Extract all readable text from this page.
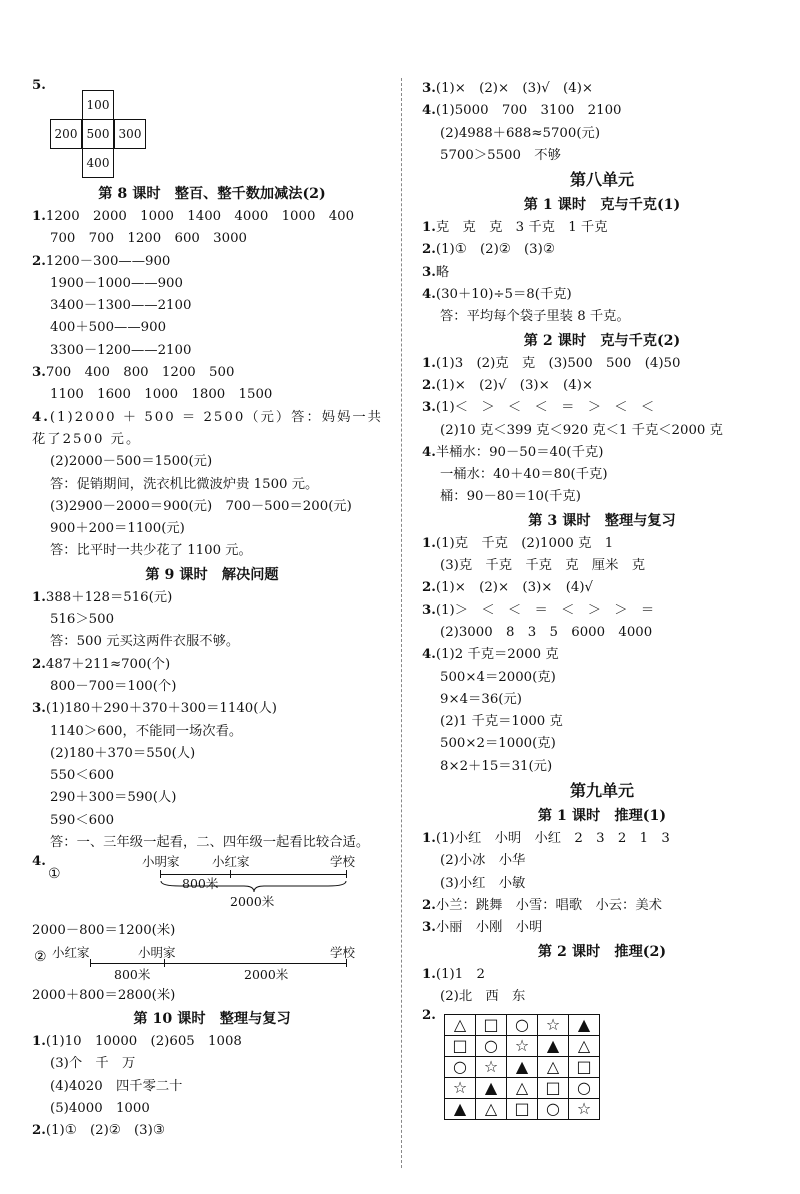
5.
100
200 500 300
400
第 8 课时　整百、整千数加减法(2)
1.1200　2000　1000　1400　4000　1000　400
700　700　1200　600　3000
2.1200－300——900
1900－1000——900
3400－1300——2100
400＋500——900
3300－1200——2100
3.700　400　800　1200　500
1100　1600　1000　1800　1500
4.(1)2000 ＋ 500 ＝ 2500（元）答：妈妈一共花了2500 元。
(2)2000－500＝1500(元)
答：促销期间，洗衣机比微波炉贵 1500 元。
(3)2900－2000＝900(元)　700－500＝200(元)
900＋200＝1100(元)
答：比平时一共少花了 1100 元。
第 9 课时　解决问题
1.388＋128＝516(元)
516＞500
答：500 元买这两件衣服不够。
2.487＋211≈700(个)
800－700＝100(个)
3.(1)180＋290＋370＋300＝1140(人)
1140＞600，不能同一场次看。
(2)180＋370＝550(人)
550＜600
290＋300＝590(人)
590＜600
答：一、三年级一起看，二、四年级一起看比较合适。
4.
①
小明家	小红家	学校
800米
2000米
2000－800＝1200(米)
② 小红家	小明家	学校
800米	2000米
2000＋800＝2800(米)
第 10 课时　整理与复习
1.(1)10　10000　(2)605　1008
(3)个　千　万
(4)4020　四千零二十
(5)4000　1000
2.(1)①　(2)②　(3)③
3.(1)×　(2)×　(3)√　(4)×
4.(1)5000　700　3100　2100
(2)4988＋688≈5700(元)
5700＞5500　不够
第八单元
第 1 课时　克与千克(1)
1.克　克　克　3 千克　1 千克
2.(1)①　(2)②　(3)②
3.略
4.(30＋10)÷5＝8(千克)
答：平均每个袋子里装 8 千克。
第 2 课时　克与千克(2)
1.(1)3　(2)克　克　(3)500　500　(4)50
2.(1)×　(2)√　(3)×　(4)×
3.(1)＜　＞　＜　＜　＝　＞　＜　＜
(2)10 克＜399 克＜920 克＜1 千克＜2000 克
4.半桶水：90－50＝40(千克)
一桶水：40＋40＝80(千克)
桶：90－80＝10(千克)
第 3 课时　整理与复习
1.(1)克　千克　(2)1000 克　1
(3)克　千克　千克　克　厘米　克
2.(1)×　(2)×　(3)×　(4)√
3.(1)＞　＜　＜　＝　＜　＞　＞　＝
(2)3000　8　3　5　6000　4000
4.(1)2 千克＝2000 克
500×4＝2000(克)
9×4＝36(元)
(2)1 千克＝1000 克
500×2＝1000(克)
8×2＋15＝31(元)
第九单元
第 1 课时　推理(1)
1.(1)小红　小明　小红　2　3　2　1　3
(2)小冰　小华
(3)小红　小敏
2.小兰：跳舞　小雪：唱歌　小云：美术
3.小丽　小刚　小明
第 2 课时　推理(2)
1.(1)1　2
(2)北　西　东
2. △	□	○	☆	▲
□	○	☆	▲	△
○	☆	▲	△	□
☆	▲	△	□	○
▲	△	□	○	☆
